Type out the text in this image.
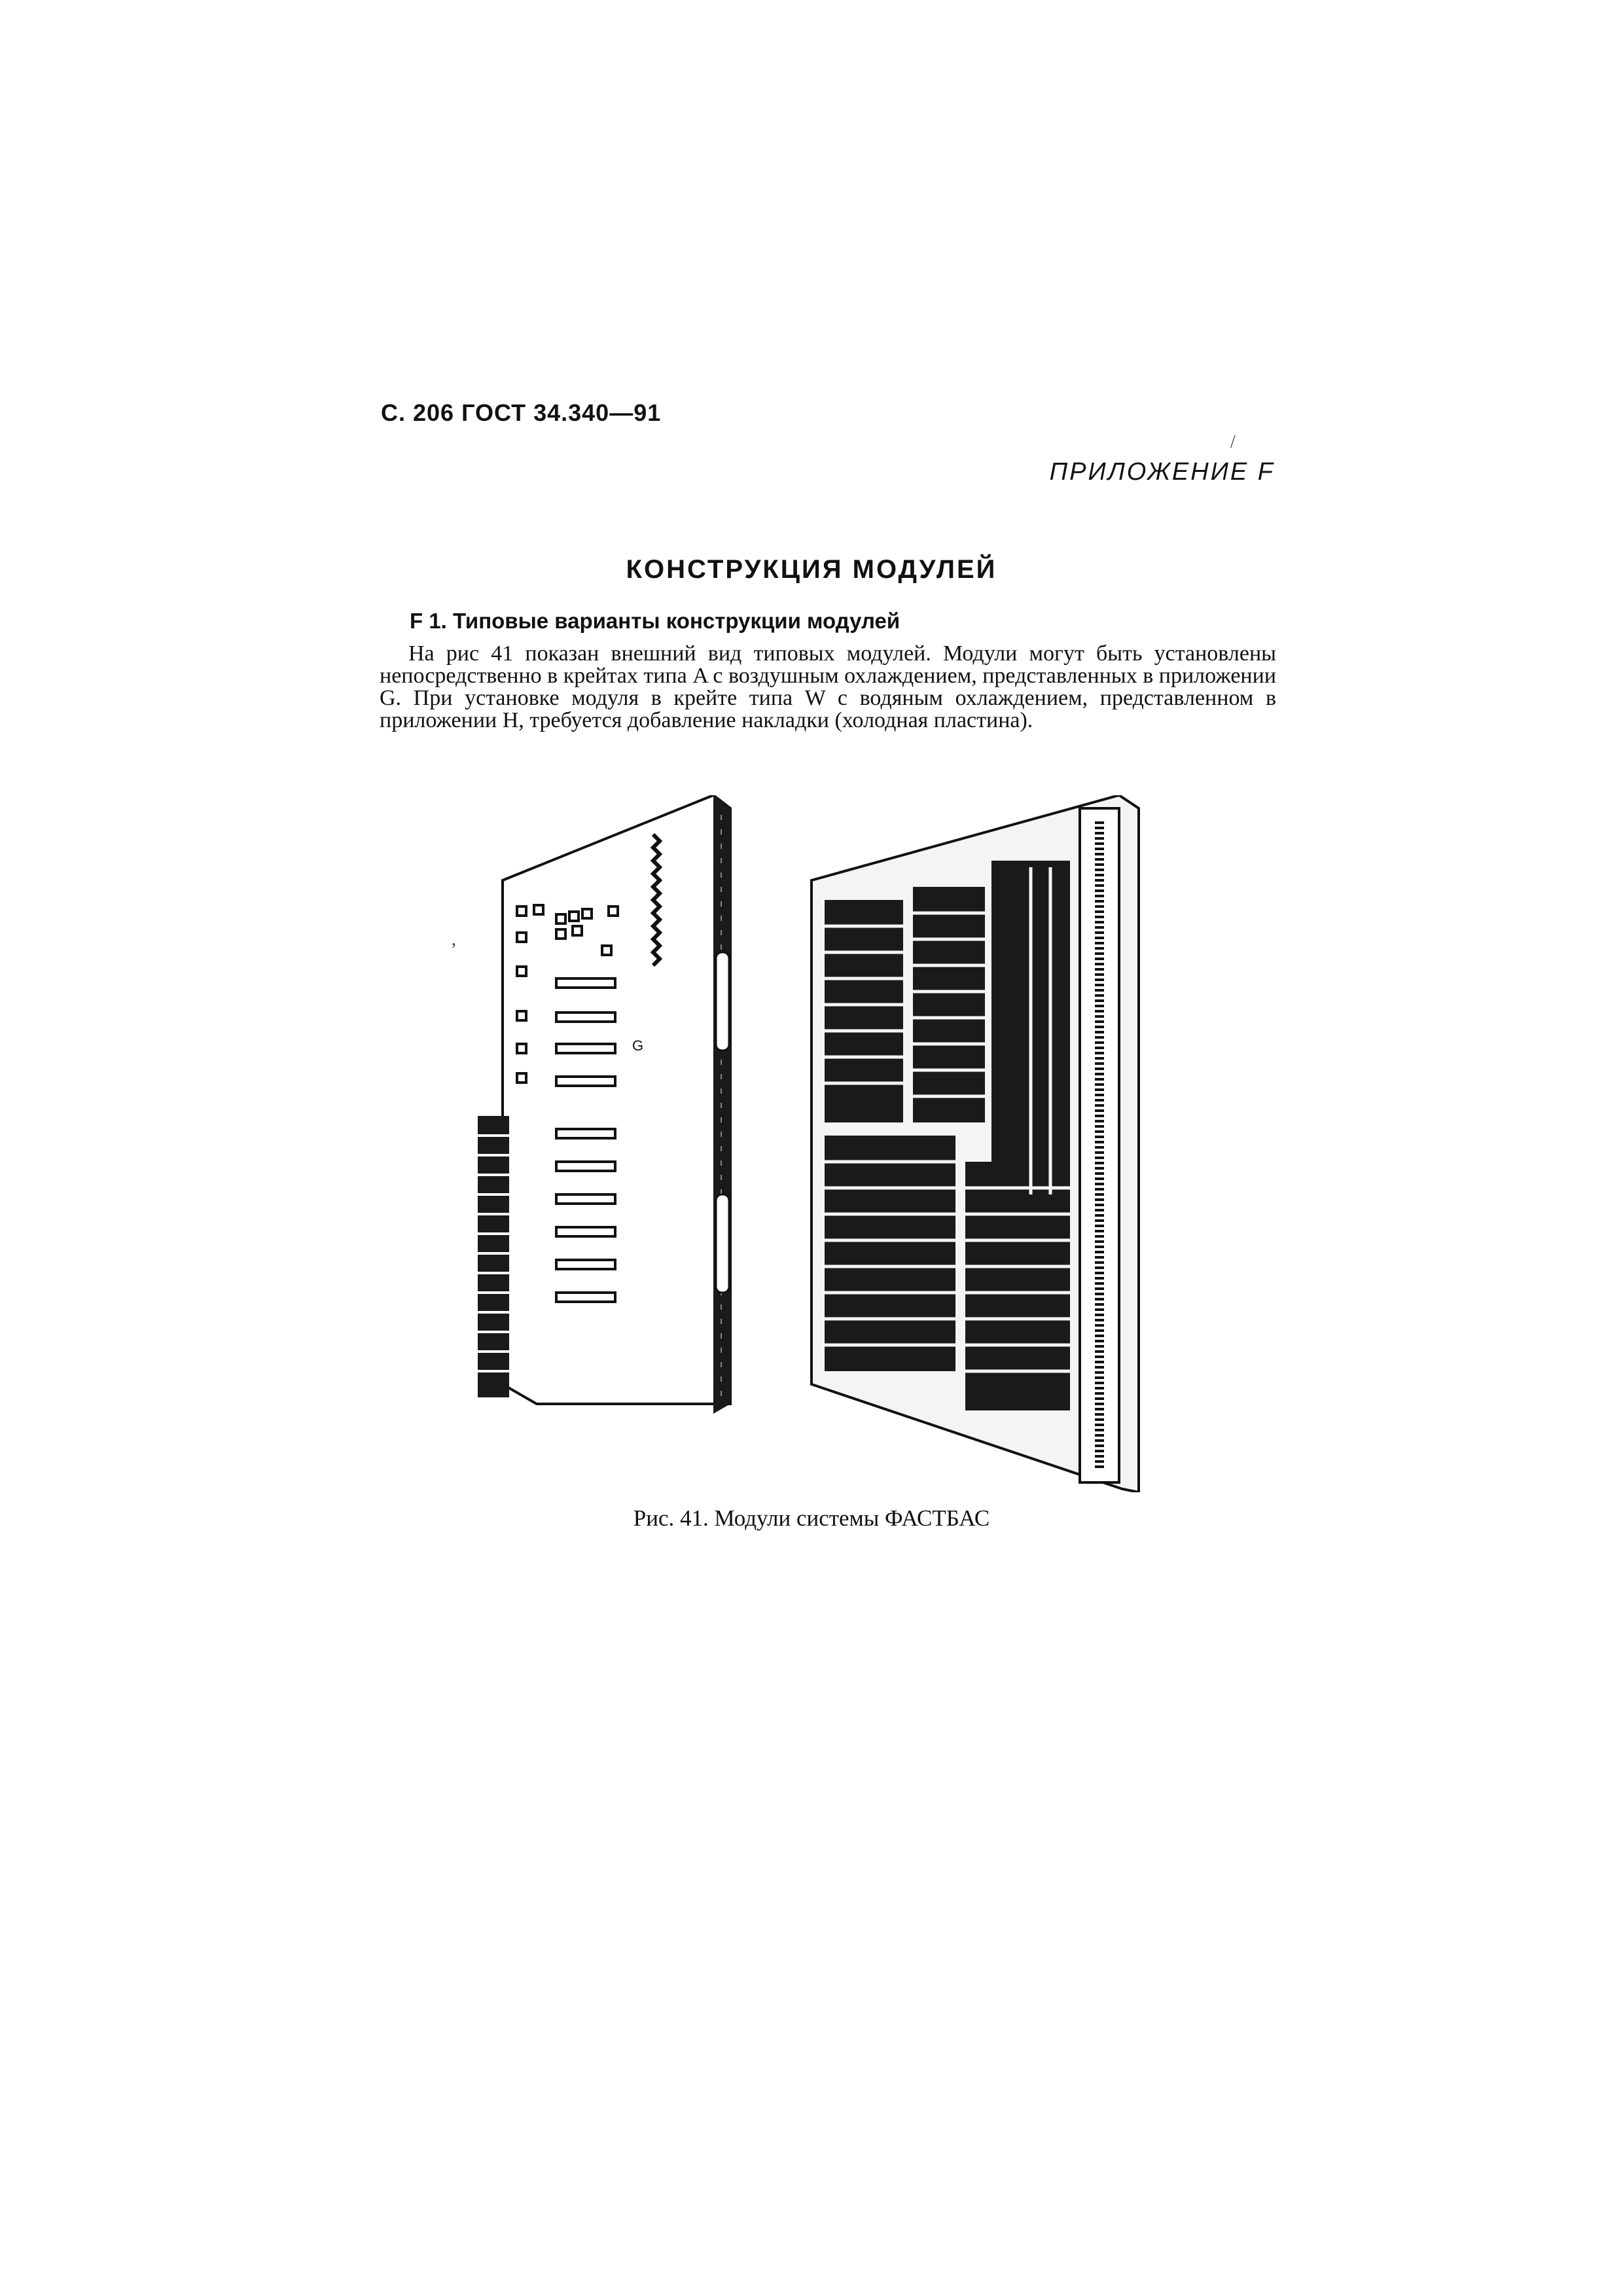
С. 206 ГОСТ 34.340—91
/
ПРИЛОЖЕНИЕ F
КОНСТРУКЦИЯ МОДУЛЕЙ
F 1. Типовые варианты конструкции модулей

На рис 41 показан внешний вид типовых модулей. Модули могут быть установлены непосредственно в крейтах типа A с воздушным охлаждением, представленных в приложении G. При установке модуля в крейте типа W с водяным охлаждением, представленном в приложении H, требуется добавление накладки (холодная пластина).

,
G
Рис. 41. Модули системы ФАСТБАС
